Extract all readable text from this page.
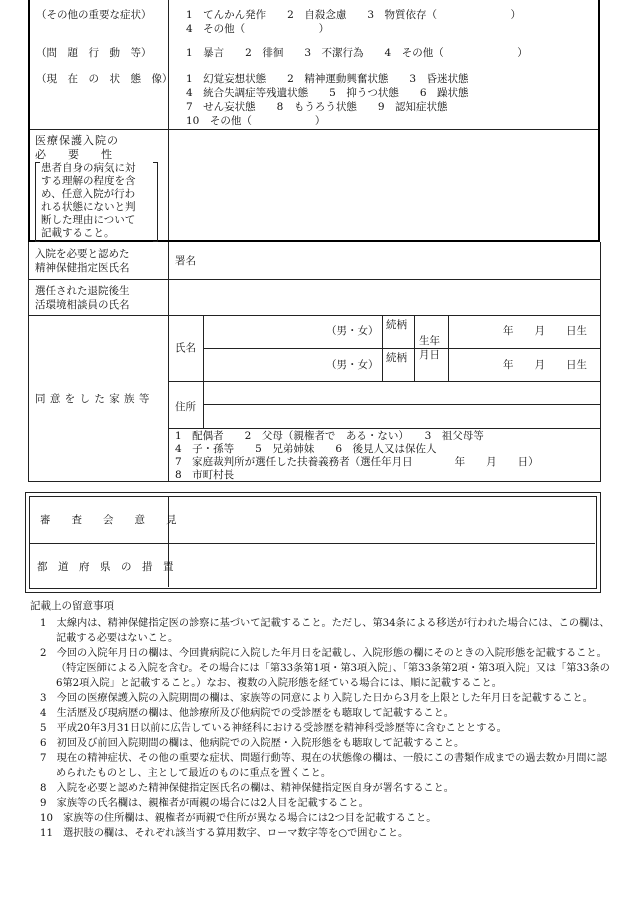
（その他の重要な症状）	1　てんかん発作　　2　自殺念慮　　3　物質依存（　　　　　　　）
4　その他（　　　　　　　）
（問　題　行　動　等）	1　暴言　　2　徘徊　　3　不潔行為　　4　その他（　　　　　　　）
（現　在　の　状　態　像） 1　幻覚妄想状態　　2　精神運動興奮状態　　3　昏迷状態
4　統合失調症等残遺状態　　5　抑うつ状態　　6　躁状態
7　せん妄状態　　8　もうろう状態　　9　認知症状態
10　その他（　　　　　　）
医療保護入院の
必　　要　　性
患者自身の病気に対
する理解の程度を含
め、任意入院が行わ
れる状態にないと判
断した理由について
記載すること。
入院を必要と認めた
精神保健指定医氏名
署名
選任された退院後生
活環境相談員の氏名
同 意 を し た 家 族 等
氏名
（男・女）
（男・女）
続柄
続柄
生年
月日
年　　月　　日生
年　　月　　日生
住所
1　配偶者　　2　父母（親権者で　ある・ない）　　3　祖父母等
4　子・孫等　　5　兄弟姉妹　　6　後見人又は保佐人
7　家庭裁判所が選任した扶養義務者（選任年月日　　　　年　　月　　日）
8　市町村長
審　　査　　会　　意　　見
都　道　府　県　の　措　置
記載上の留意事項
1　太線内は、精神保健指定医の診察に基づいて記載すること。ただし、第34条による移送が行われた場合には、この欄は、記載する必要はないこと。
2　今回の入院年月日の欄は、今回貴病院に入院した年月日を記載し、入院形態の欄にそのときの入院形態を記載すること。（特定医師による入院を含む。その場合には「第33条第1項・第3項入院」、「第33条第2項・第3項入院」又は「第33条の6第2項入院」と記載すること。）なお、複数の入院形態を経ている場合には、順に記載すること。
3　今回の医療保護入院の入院期間の欄は、家族等の同意により入院した日から3月を上限とした年月日を記載すること。
4　生活歴及び現病歴の欄は、他診療所及び他病院での受診歴をも聴取して記載すること。
5　平成20年3月31日以前に広告している神経科における受診歴を精神科受診歴等に含むこととする。
6　初回及び前回入院期間の欄は、他病院での入院歴・入院形態をも聴取して記載すること。
7　現在の精神症状、その他の重要な症状、問題行動等、現在の状態像の欄は、一般にこの書類作成までの過去数か月間に認められたものとし、主として最近のものに重点を置くこと。
8　入院を必要と認めた精神保健指定医氏名の欄は、精神保健指定医自身が署名すること。
9　家族等の氏名欄は、親権者が両親の場合には2人目を記載すること。
10　家族等の住所欄は、親権者が両親で住所が異なる場合には2つ目を記載すること。
11　選択肢の欄は、それぞれ該当する算用数字、ローマ数字等を○で囲むこと。
